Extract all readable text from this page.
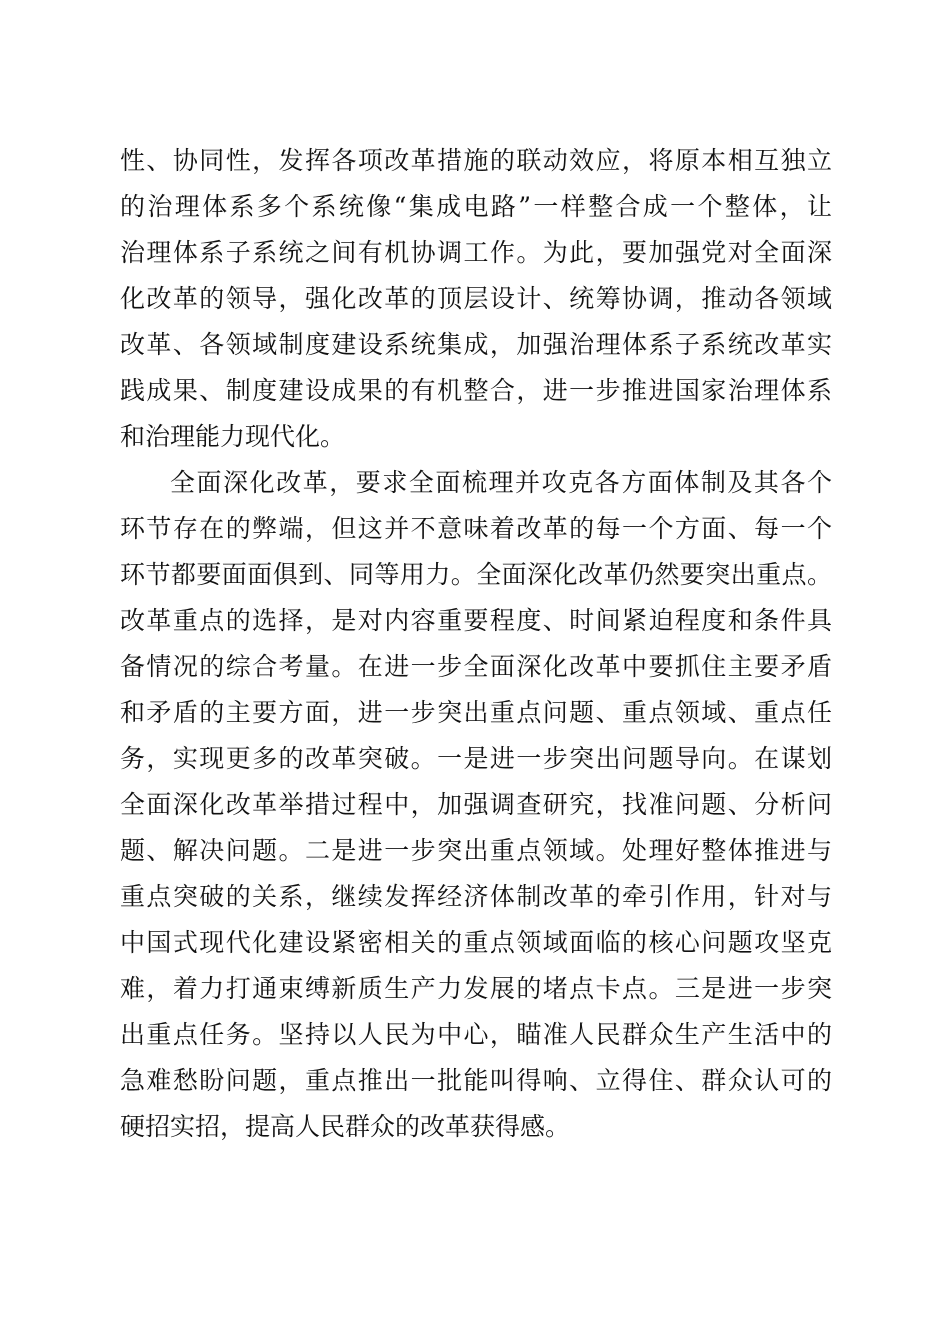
性、协同性，发挥各项改革措施的联动效应，将原本相互独立
的治理体系多个系统像“集成电路”一样整合成一个整体，让
治理体系子系统之间有机协调工作。为此，要加强党对全面深
化改革的领导，强化改革的顶层设计、统筹协调，推动各领域
改革、各领域制度建设系统集成，加强治理体系子系统改革实
践成果、制度建设成果的有机整合，进一步推进国家治理体系
和治理能力现代化。
全面深化改革，要求全面梳理并攻克各方面体制及其各个
环节存在的弊端，但这并不意味着改革的每一个方面、每一个
环节都要面面俱到、同等用力。全面深化改革仍然要突出重点。
改革重点的选择，是对内容重要程度、时间紧迫程度和条件具
备情况的综合考量。在进一步全面深化改革中要抓住主要矛盾
和矛盾的主要方面，进一步突出重点问题、重点领域、重点任
务，实现更多的改革突破。一是进一步突出问题导向。在谋划
全面深化改革举措过程中，加强调查研究，找准问题、分析问
题、解决问题。二是进一步突出重点领域。处理好整体推进与
重点突破的关系，继续发挥经济体制改革的牵引作用，针对与
中国式现代化建设紧密相关的重点领域面临的核心问题攻坚克
难，着力打通束缚新质生产力发展的堵点卡点。三是进一步突
出重点任务。坚持以人民为中心，瞄准人民群众生产生活中的
急难愁盼问题，重点推出一批能叫得响、立得住、群众认可的
硬招实招，提高人民群众的改革获得感。
